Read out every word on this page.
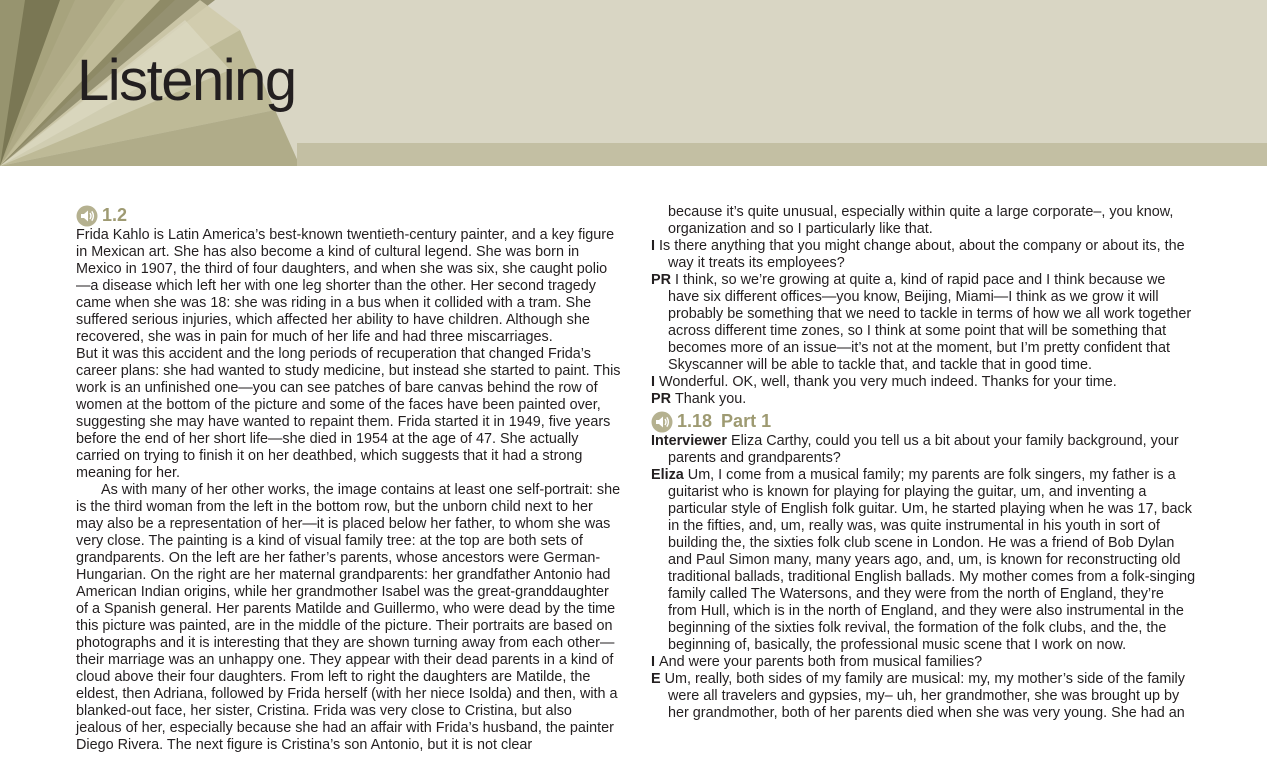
Listening
1.2

Frida Kahlo is Latin America’s best-known twentieth-century painter, and a key figure in Mexican art. She has also become a kind of cultural legend. She was born in Mexico in 1907, the third of four daughters, and when she was six, she caught polio—a disease which left her with one leg shorter than the other. Her second tragedy came when she was 18: she was riding in a bus when it collided with a tram. She suffered serious injuries, which affected her ability to have children. Although she recovered, she was in pain for much of her life and had three miscarriages.

But it was this accident and the long periods of recuperation that changed Frida’s career plans: she had wanted to study medicine, but instead she started to paint. This work is an unfinished one—you can see patches of bare canvas behind the row of women at the bottom of the picture and some of the faces have been painted over, suggesting she may have wanted to repaint them. Frida started it in 1949, five years before the end of her short life—she died in 1954 at the age of 47. She actually carried on trying to finish it on her deathbed, which suggests that it had a strong meaning for her.

As with many of her other works, the image contains at least one self-portrait: she is the third woman from the left in the bottom row, but the unborn child next to her may also be a representation of her—it is placed below her father, to whom she was very close. The painting is a kind of visual family tree: at the top are both sets of grandparents. On the left are her father’s parents, whose ancestors were German-Hungarian. On the right are her maternal grandparents: her grandfather Antonio had American Indian origins, while her grandmother Isabel was the great-granddaughter of a Spanish general. Her parents Matilde and Guillermo, who were dead by the time this picture was painted, are in the middle of the picture. Their portraits are based on photographs and it is interesting that they are shown turning away from each other—their marriage was an unhappy one. They appear with their dead parents in a kind of cloud above their four daughters. From left to right the daughters are Matilde, the eldest, then Adriana, followed by Frida herself (with her niece Isolda) and then, with a blanked-out face, her sister, Cristina. Frida was very close to Cristina, but also jealous of her, especially because she had an affair with Frida’s husband, the painter Diego Rivera. The next figure is Cristina’s son Antonio, but it is not clear

because it’s quite unusual, especially within quite a large corporate–, you know, organization and so I particularly like that.

I Is there anything that you might change about, about the company or about its, the way it treats its employees?

PR I think, so we’re growing at quite a, kind of rapid pace and I think because we have six different offices—you know, Beijing, Miami—I think as we grow it will probably be something that we need to tackle in terms of how we all work together across different time zones, so I think at some point that will be something that becomes more of an issue—it’s not at the moment, but I’m pretty confident that Skyscanner will be able to tackle that, and tackle that in good time.

I Wonderful. OK, well, thank you very much indeed. Thanks for your time.

PR Thank you.

1.18 Part 1

Interviewer Eliza Carthy, could you tell us a bit about your family background, your parents and grandparents?

Eliza Um, I come from a musical family; my parents are folk singers, my father is a guitarist who is known for playing for playing the guitar, um, and inventing a particular style of English folk guitar. Um, he started playing when he was 17, back in the fifties, and, um, really was, was quite instrumental in his youth in sort of building the, the sixties folk club scene in London. He was a friend of Bob Dylan and Paul Simon many, many years ago, and, um, is known for reconstructing old traditional ballads, traditional English ballads. My mother comes from a folk-singing family called The Watersons, and they were from the north of England, they’re from Hull, which is in the north of England, and they were also instrumental in the beginning of the sixties folk revival, the formation of the folk clubs, and the, the beginning of, basically, the professional music scene that I work on now.

I And were your parents both from musical families?

E Um, really, both sides of my family are musical: my, my mother’s side of the family were all travelers and gypsies, my– uh, her grandmother, she was brought up by her grandmother, both of her parents died when she was very young. She had an
